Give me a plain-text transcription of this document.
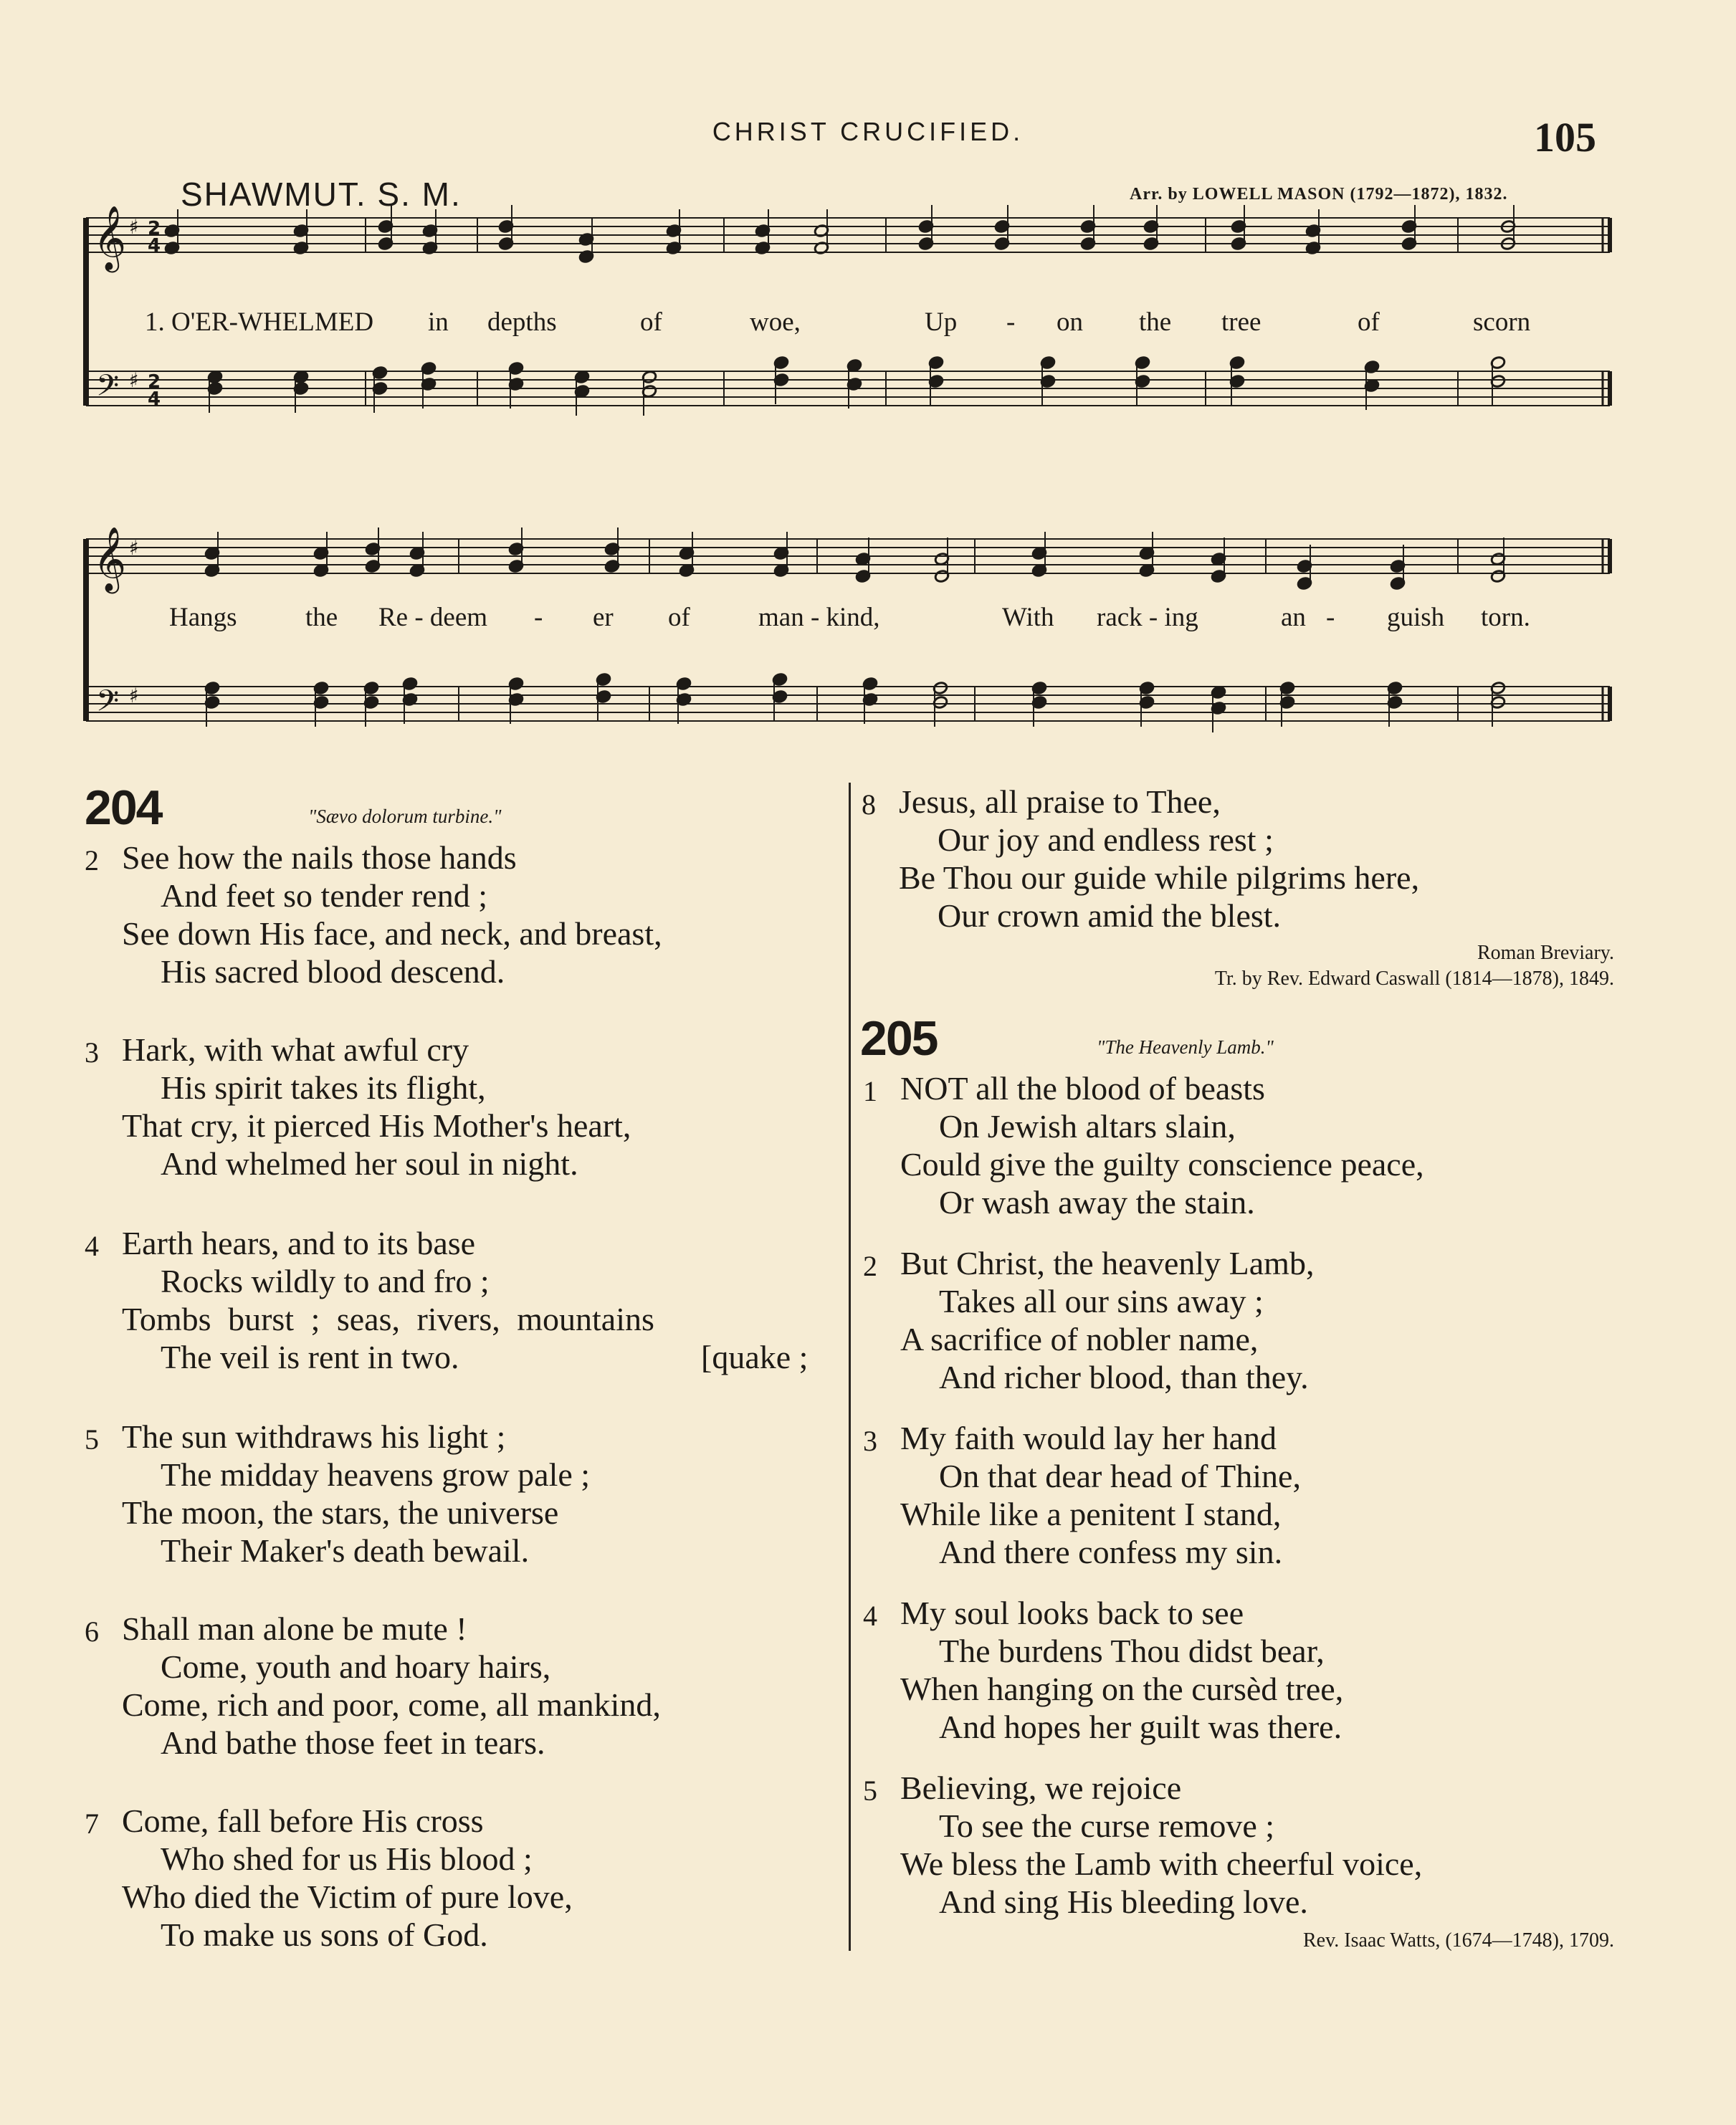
CHRIST CRUCIFIED.	105
SHAWMUT. S. M.	Arr. by LOWELL MASON (1792—1872), 1832.
𝄞
𝄢
♯
♯
2
4
2
4
𝄞
𝄢
♯
♯
1. O'ER-WHELMED in depths	of	woe,	Up - on the tree	of	scorn
Hangs	the Re - deem - er of	man - kind,	With rack - ing	an - guish torn.
204	"Sævo dolorum turbine."
2 See how the nails those hands
And feet so tender rend ;
See down His face, and neck, and breast,
His sacred blood descend.
3 Hark, with what awful cry
His spirit takes its flight,
That cry, it pierced His Mother's heart,
And whelmed her soul in night.
4 Earth hears, and to its base
Rocks wildly to and fro ;
Tombs burst ; seas, rivers, mountains
The veil is rent in two.	[quake ;
5 The sun withdraws his light ;
The midday heavens grow pale ;
The moon, the stars, the universe
Their Maker's death bewail.
6 Shall man alone be mute !
Come, youth and hoary hairs,
Come, rich and poor, come, all mankind,
And bathe those feet in tears.
7 Come, fall before His cross
Who shed for us His blood ;
Who died the Victim of pure love,
To make us sons of God.
8 Jesus, all praise to Thee,
Our joy and endless rest ;
Be Thou our guide while pilgrims here,
Our crown amid the blest.
Roman Breviary.
Tr. by Rev. Edward Caswall (1814—1878), 1849.
205	"The Heavenly Lamb."
1 NOT all the blood of beasts
On Jewish altars slain,
Could give the guilty conscience peace,
Or wash away the stain.
2 But Christ, the heavenly Lamb,
Takes all our sins away ;
A sacrifice of nobler name,
And richer blood, than they.
3 My faith would lay her hand
On that dear head of Thine,
While like a penitent I stand,
And there confess my sin.
4 My soul looks back to see
The burdens Thou didst bear,
When hanging on the cursèd tree,
And hopes her guilt was there.
5 Believing, we rejoice
To see the curse remove ;
We bless the Lamb with cheerful voice,
And sing His bleeding love.
Rev. Isaac Watts, (1674—1748), 1709.
